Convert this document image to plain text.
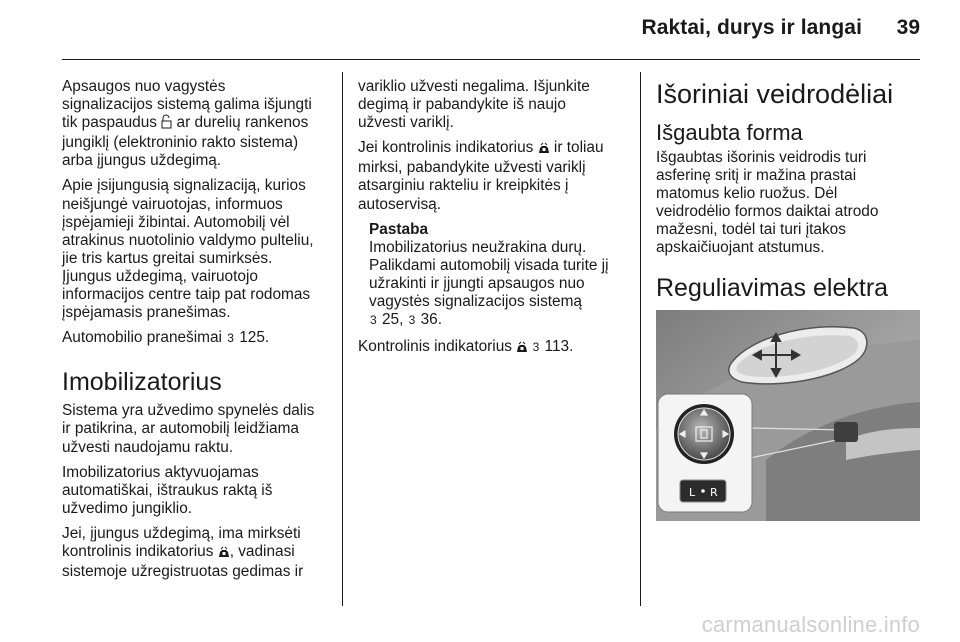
Raktai, durys ir langai 39

Apsaugos nuo vagystės
signalizacijos sistemą galima išjungti
tik paspaudus  ar durelių rankenos
jungiklį (elektroninio rakto sistema)
arba įjungus uždegimą.

Apie įsijungusią signalizaciją, kurios
neišjungė vairuotojas, informuos
įspėjamieji žibintai. Automobilį vėl
atrakinus nuotolinio valdymo pulteliu,
jie tris kartus greitai sumirksės.
Įjungus uždegimą, vairuotojo
informacijos centre taip pat rodomas
įspėjamasis pranešimas.

Automobilio pranešimai 3 125.

Imobilizatorius

Sistema yra užvedimo spynelės dalis
ir patikrina, ar automobilį leidžiama
užvesti naudojamu raktu.

Imobilizatorius aktyvuojamas
automatiškai, ištraukus raktą iš
užvedimo jungiklio.

Jei, įjungus uždegimą, ima mirksėti
kontrolinis indikatorius , vadinasi
sistemoje užregistruotas gedimas ir

variklio užvesti negalima. Išjunkite
degimą ir pabandykite iš naujo
užvesti variklį.

Jei kontrolinis indikatorius  ir toliau
mirksi, pabandykite užvesti variklį
atsarginiu rakteliu ir kreipkitės į
autoservisą.

Pastaba
Imobilizatorius neužrakina durų.
Palikdami automobilį visada turite jį
užrakinti ir įjungti apsaugos nuo
vagystės signalizacijos sistemą
3 25, 3 36.

Kontrolinis indikatorius  3 113.

Išoriniai veidrodėliai
Išgaubta forma

Išgaubtas išorinis veidrodis turi
asferinę sritį ir mažina prastai
matomus kelio ruožus. Dėl
veidrodėlio formos daiktai atrodo
mažesni, todėl tai turi įtakos
apskaičiuojant atstumus.

Reguliavimas elektra
L R
carmanualsonline.info
